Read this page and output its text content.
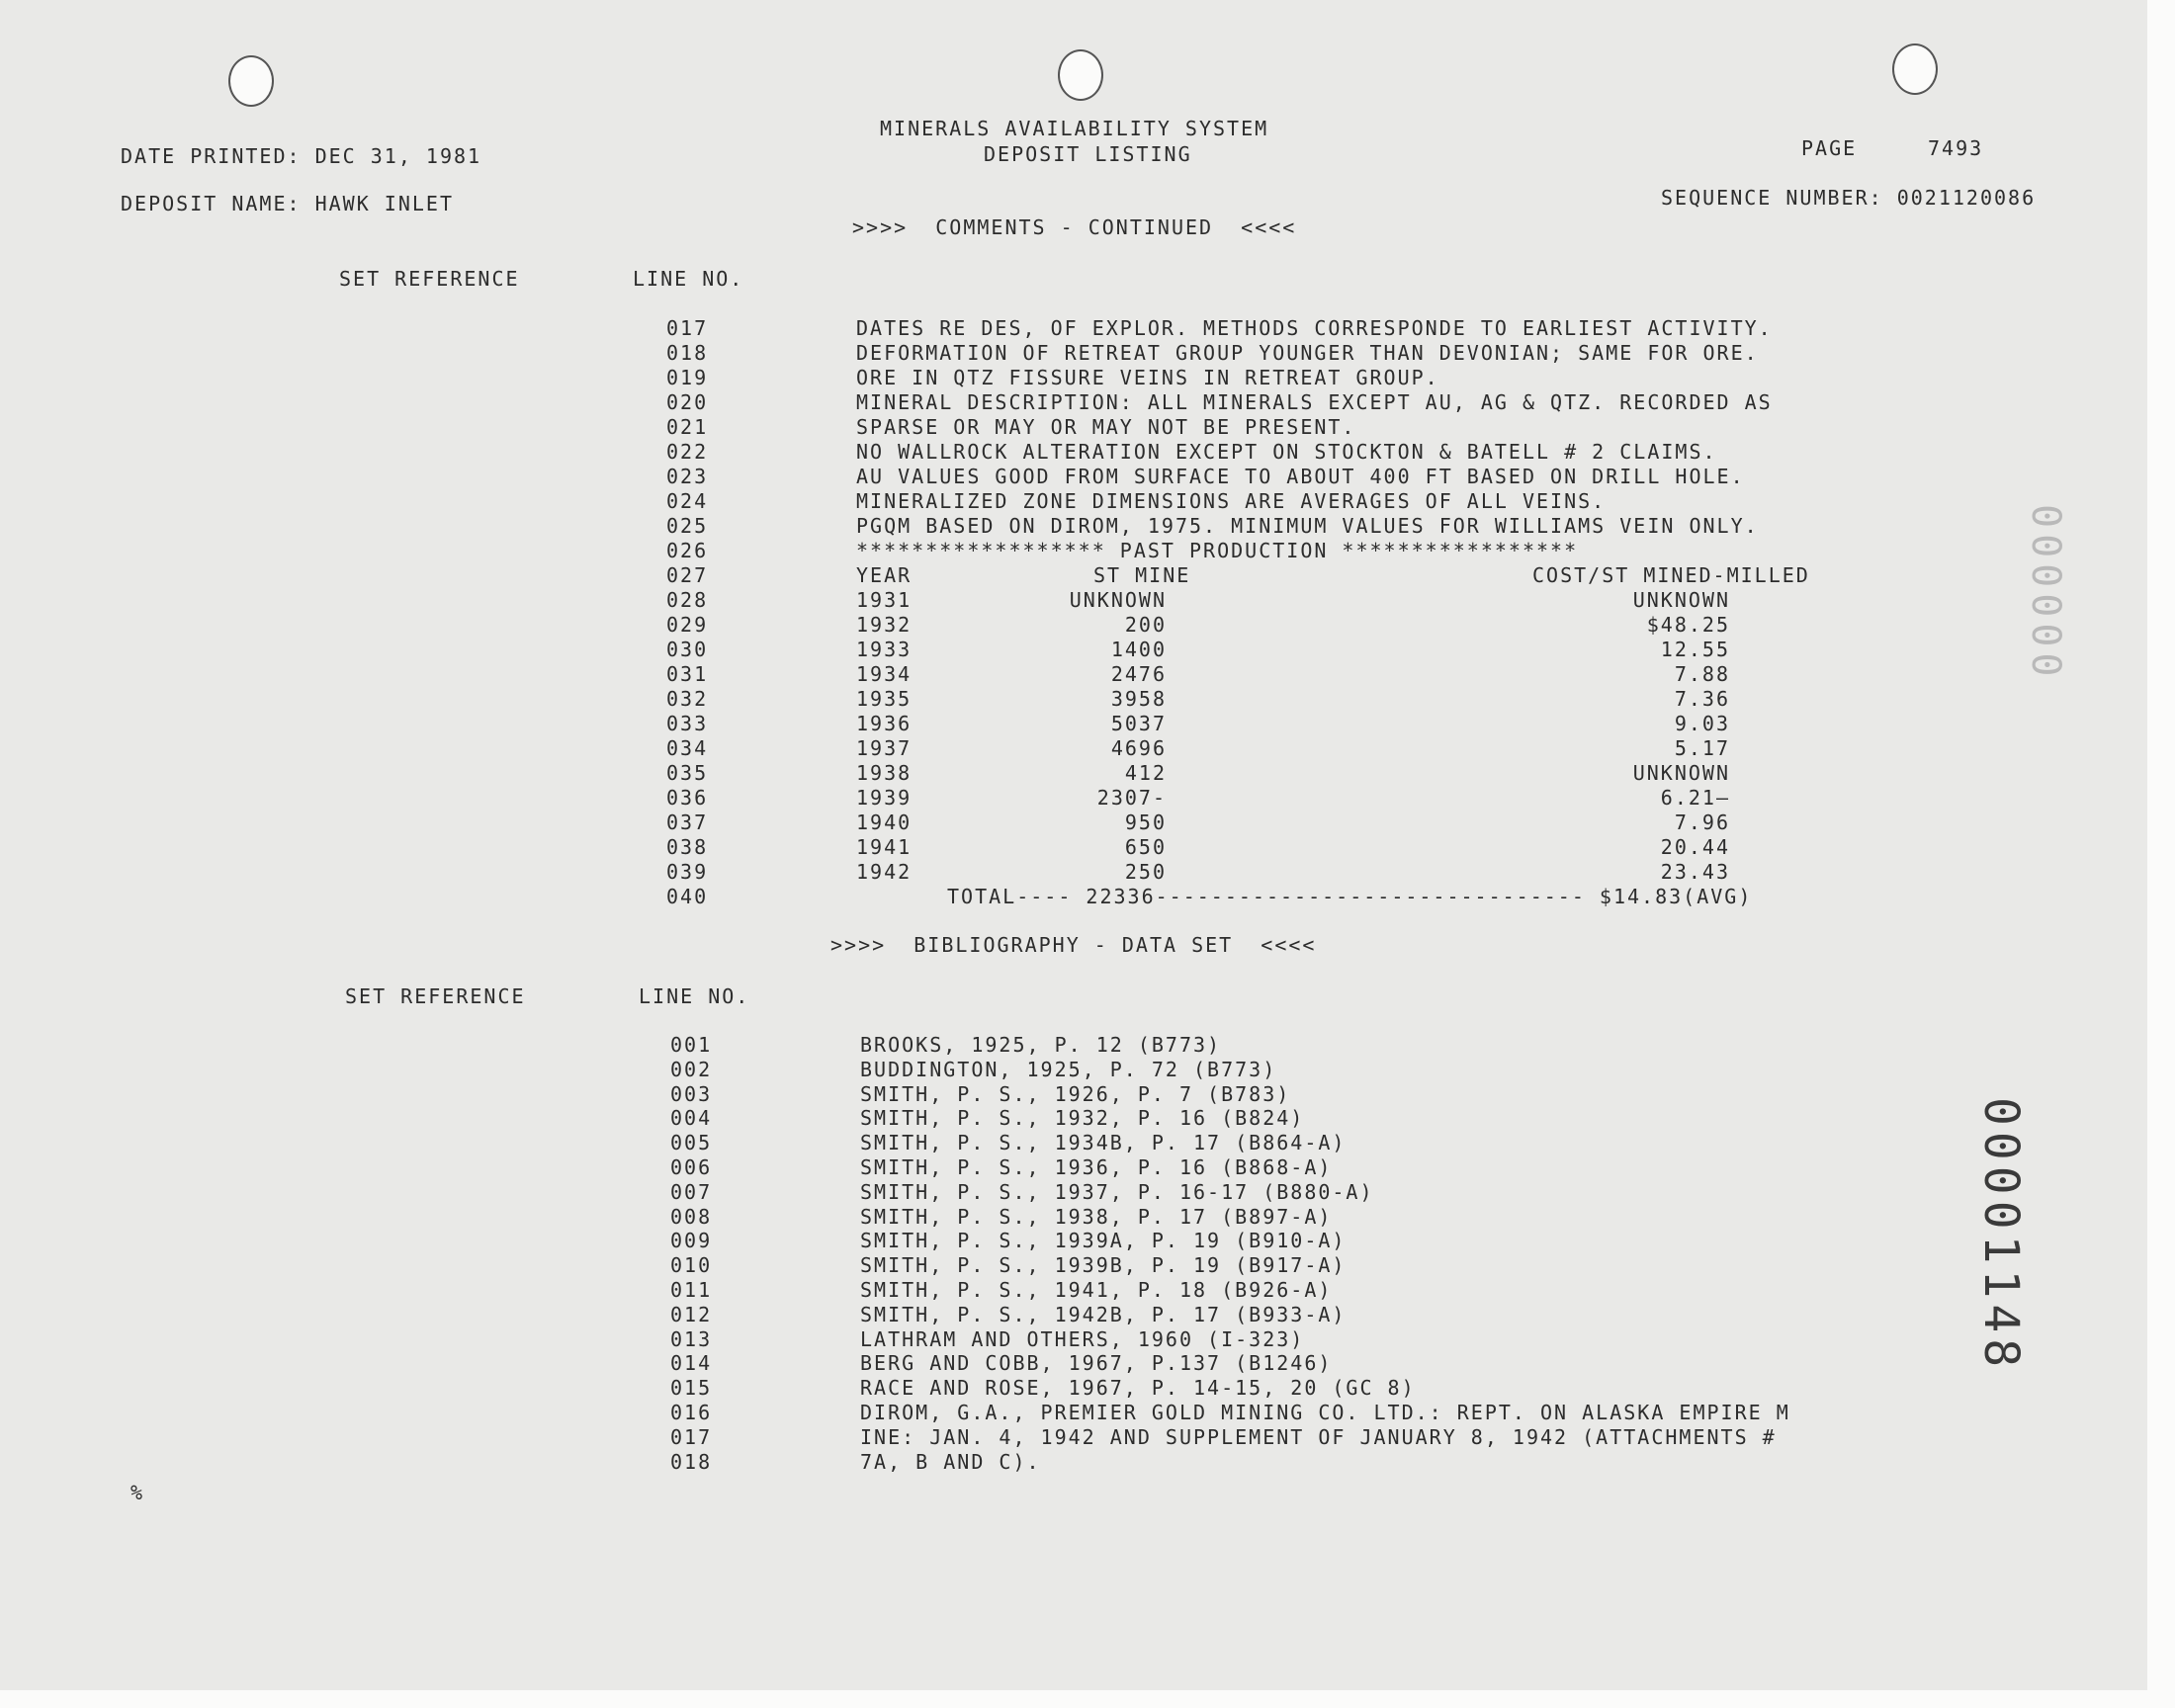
MINERALS AVAILABILITY SYSTEM
DEPOSIT LISTING
DATE PRINTED: DEC 31, 1981	PAGE	7493
DEPOSIT NAME: HAWK INLET	SEQUENCE NUMBER: 0021120086
>>>>  COMMENTS - CONTINUED  <<<<
SET REFERENCE	LINE NO.
017	DATES RE DES, OF EXPLOR. METHODS CORRESPONDE TO EARLIEST ACTIVITY.
018	DEFORMATION OF RETREAT GROUP YOUNGER THAN DEVONIAN; SAME FOR ORE.
019	ORE IN QTZ FISSURE VEINS IN RETREAT GROUP.
020	MINERAL DESCRIPTION: ALL MINERALS EXCEPT AU, AG & QTZ. RECORDED AS
021	SPARSE OR MAY OR MAY NOT BE PRESENT.
022	NO WALLROCK ALTERATION EXCEPT ON STOCKTON & BATELL # 2 CLAIMS.
023	AU VALUES GOOD FROM SURFACE TO ABOUT 400 FT BASED ON DRILL HOLE.
024	MINERALIZED ZONE DIMENSIONS ARE AVERAGES OF ALL VEINS.
025	PGQM BASED ON DIROM, 1975. MINIMUM VALUES FOR WILLIAMS VEIN ONLY.
026	****************** PAST PRODUCTION *****************
027	YEAR	ST MINE	COST/ST MINED-MILLED
028	1931	UNKNOWN	UNKNOWN
029	1932	200	$48.25
030	1933	1400	12.55
031	1934	2476	7.88
032	1935	3958	7.36
033	1936	5037	9.03
034	1937	4696	5.17
035	1938	412	UNKNOWN
036	1939	2307-	6.21—
037	1940	950	7.96
038	1941	650	20.44
039	1942	250	23.43
040	TOTAL---- 22336------------------------------- $14.83(AVG)
>>>>  BIBLIOGRAPHY - DATA SET  <<<<
SET REFERENCE	LINE NO.
001	BROOKS, 1925, P. 12 (B773)
002	BUDDINGTON, 1925, P. 72 (B773)
003	SMITH, P. S., 1926, P. 7 (B783)
004	SMITH, P. S., 1932, P. 16 (B824)
005	SMITH, P. S., 1934B, P. 17 (B864-A)
006	SMITH, P. S., 1936, P. 16 (B868-A)
007	SMITH, P. S., 1937, P. 16-17 (B880-A)
008	SMITH, P. S., 1938, P. 17 (B897-A)
009	SMITH, P. S., 1939A, P. 19 (B910-A)
010	SMITH, P. S., 1939B, P. 19 (B917-A)
011	SMITH, P. S., 1941, P. 18 (B926-A)
012	SMITH, P. S., 1942B, P. 17 (B933-A)
013	LATHRAM AND OTHERS, 1960 (I-323)
014	BERG AND COBB, 1967, P.137 (B1246)
015	RACE AND ROSE, 1967, P. 14-15, 20 (GC 8)
016	DIROM, G.A., PREMIER GOLD MINING CO. LTD.: REPT. ON ALASKA EMPIRE M
017	INE: JAN. 4, 1942 AND SUPPLEMENT OF JANUARY 8, 1942 (ATTACHMENTS #
018	7A, B AND C).
%
00001148
000000
